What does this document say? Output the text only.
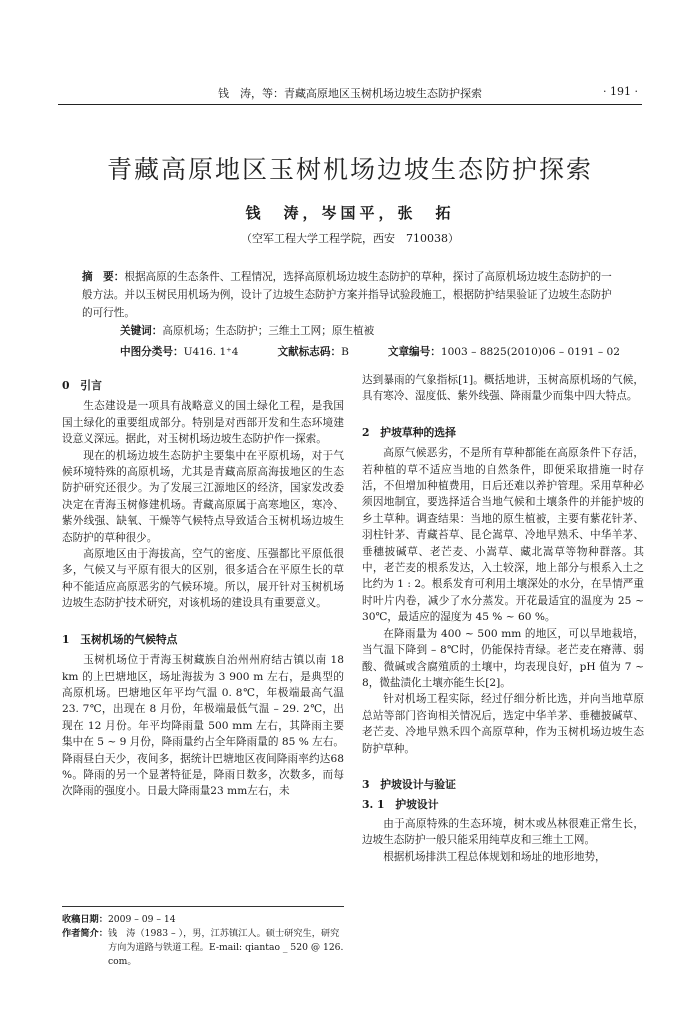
钱　涛，等：青藏高原地区玉树机场边坡生态防护探索	· 191 ·
青藏高原地区玉树机场边坡生态防护探索
钱　涛，岑国平，张　拓
（空军工程大学工程学院，西安　710038）
摘　要：根据高原的生态条件、工程情况，选择高原机场边坡生态防护的草种，探讨了高原机场边坡生态防护的一般方法。并以玉树民用机场为例，设计了边坡生态防护方案并指导试验段施工，根据防护结果验证了边坡生态防护的可行性。
关键词：高原机场；生态防护；三维土工网；原生植被
中图分类号：U416. 1⁺4	文献标志码：B	文章编号：1003 – 8825(2010)06 – 0191 – 02
0　引言

生态建设是一项具有战略意义的国土绿化工程，是我国国土绿化的重要组成部分。特别是对西部开发和生态环境建设意义深远。据此，对玉树机场边坡生态防护作一探索。

现在的机场边坡生态防护主要集中在平原机场，对于气候环境特殊的高原机场，尤其是青藏高原高海拔地区的生态防护研究还很少。为了发展三江源地区的经济，国家发改委决定在青海玉树修建机场。青藏高原属于高寒地区，寒冷、紫外线强、缺氧、干燥等气候特点导致适合玉树机场边坡生态防护的草种很少。

高原地区由于海拔高，空气的密度、压强都比平原低很多，气候又与平原有很大的区别，很多适合在平原生长的草种不能适应高原恶劣的气候环境。所以，展开针对玉树机场边坡生态防护技术研究，对该机场的建设具有重要意义。

1　玉树机场的气候特点

玉树机场位于青海玉树藏族自治州州府结古镇以南 18 km 的上巴塘地区，场址海拔为 3 900 m 左右，是典型的高原机场。巴塘地区年平均气温 0. 8℃，年极端最高气温 23. 7℃，出现在 8 月份，年极端最低气温 – 29. 2℃，出现在 12 月份。年平均降雨量 500 mm 左右，其降雨主要集中在 5 ~ 9 月份，降雨量约占全年降雨量的 85 % 左右。降雨昼白天少，夜间多，据统计巴塘地区夜间降雨率约达68 %。降雨的另一个显著特征是，降雨日数多，次数多，而每次降雨的强度小。日最大降雨量23 mm左右，未

收稿日期： 2009 – 09 – 14
作者简介： 钱　涛（1983 – ），男，江苏镇江人。硕士研究生，研究方向为道路与铁道工程。E-mail: qiantao _ 520 @ 126. com。

达到暴雨的气象指标[1]。概括地讲，玉树高原机场的气候，具有寒冷、湿度低、紫外线强、降雨量少而集中四大特点。

2　护坡草种的选择

高原气候恶劣，不是所有草种都能在高原条件下存活，若种植的草不适应当地的自然条件，即便采取措施一时存活，不但增加种植费用，日后还难以养护管理。采用草种必须因地制宜，要选择适合当地气候和土壤条件的并能护坡的乡土草种。调查结果：当地的原生植被，主要有紫花针茅、羽柱针茅、青藏苔草、昆仑嵩草、冷地早熟禾、中华羊茅、垂穗披碱草、老芒麦、小嵩草、藏北嵩草等物种群落。其中，老芒麦的根系发达，入土较深，地上部分与根系入土之比约为 1 : 2。根系发育可利用土壤深处的水分，在旱情严重时叶片内卷，减少了水分蒸发。开花最适宜的温度为 25 ~ 30℃，最适应的湿度为 45 % ~ 60 %。

在降雨量为 400 ~ 500 mm 的地区，可以旱地栽培，当气温下降到 – 8℃时，仍能保持青绿。老芒麦在瘠薄、弱酸、微碱或含腐殖质的土壤中，均表现良好，pH 值为 7 ~ 8，微盐渍化土壤亦能生长[2]。

针对机场工程实际，经过仔细分析比选，并向当地草原总站等部门咨询相关情况后，选定中华羊茅、垂穗披碱草、老芒麦、冷地早熟禾四个高原草种，作为玉树机场边坡生态防护草种。

3　护坡设计与验证
3. 1　护坡设计

由于高原特殊的生态环境，树木或丛林很难正常生长，边坡生态防护一般只能采用纯草皮和三维土工网。

根据机场排洪工程总体规划和场址的地形地势，
